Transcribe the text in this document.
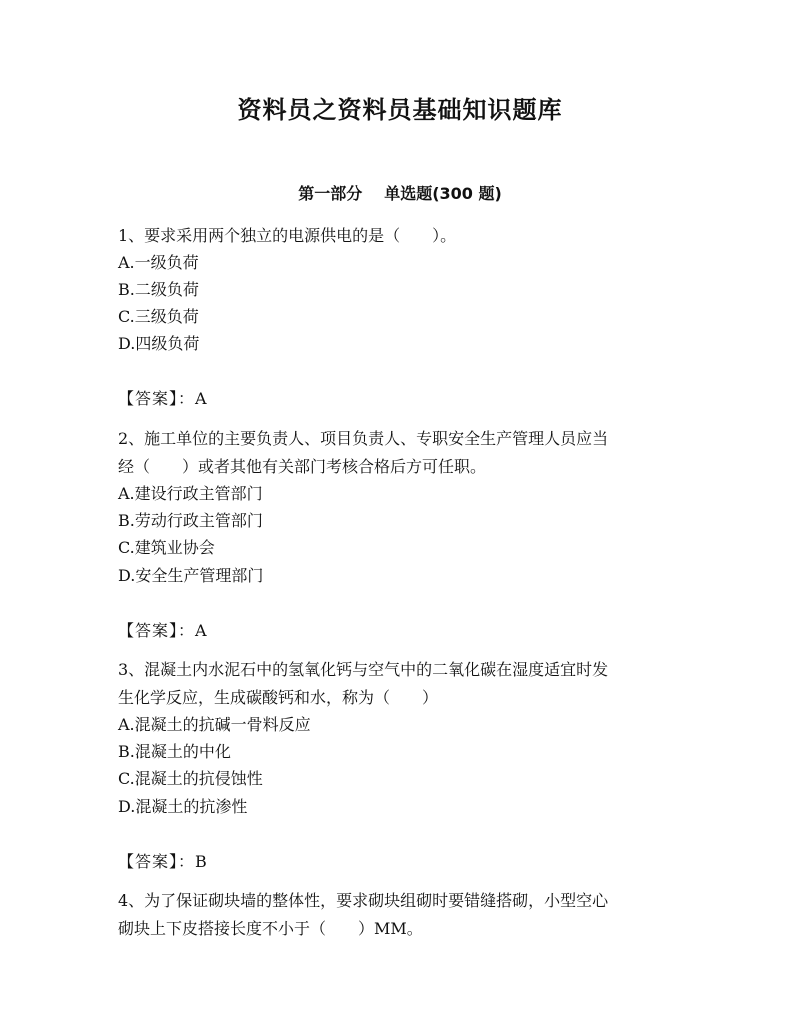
资料员之资料员基础知识题库
第一部分 单选题(300 题)
1、要求采用两个独立的电源供电的是（　　）。
A.一级负荷
B.二级负荷
C.三级负荷
D.四级负荷
【答案】：A
2、施工单位的主要负责人、项目负责人、专职安全生产管理人员应当
经（　　）或者其他有关部门考核合格后方可任职。
A.建设行政主管部门
B.劳动行政主管部门
C.建筑业协会
D.安全生产管理部门
【答案】：A
3、混凝土内水泥石中的氢氧化钙与空气中的二氧化碳在湿度适宜时发
生化学反应，生成碳酸钙和水，称为（　　）
A.混凝土的抗碱一骨料反应
B.混凝土的中化
C.混凝土的抗侵蚀性
D.混凝土的抗渗性
【答案】：B
4、为了保证砌块墙的整体性，要求砌块组砌时要错缝搭砌，小型空心
砌块上下皮搭接长度不小于（　　）MM。
